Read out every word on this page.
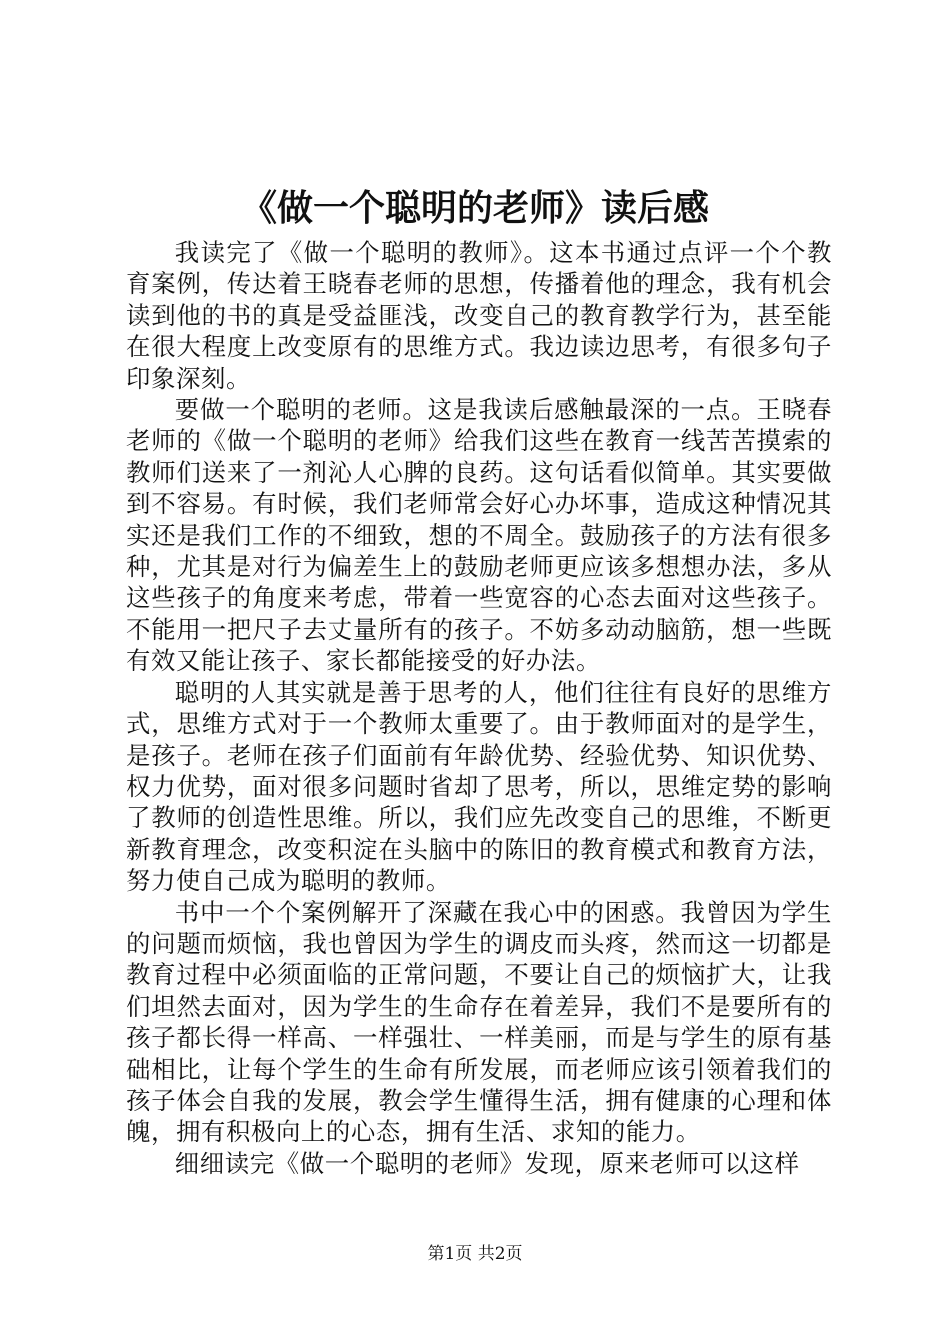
《做一个聪明的老师》读后感

我读完了《做一个聪明的教师》。这本书通过点评一个个教育案例，传达着王晓春老师的思想，传播着他的理念，我有机会读到他的书的真是受益匪浅，改变自己的教育教学行为，甚至能在很大程度上改变原有的思维方式。我边读边思考，有很多句子印象深刻。

要做一个聪明的老师。这是我读后感触最深的一点。王晓春老师的《做一个聪明的老师》给我们这些在教育一线苦苦摸索的教师们送来了一剂沁人心脾的良药。这句话看似简单。其实要做到不容易。有时候，我们老师常会好心办坏事，造成这种情况其实还是我们工作的不细致，想的不周全。鼓励孩子的方法有很多种，尤其是对行为偏差生上的鼓励老师更应该多想想办法，多从这些孩子的角度来考虑，带着一些宽容的心态去面对这些孩子。不能用一把尺子去丈量所有的孩子。不妨多动动脑筋，想一些既有效又能让孩子、家长都能接受的好办法。

聪明的人其实就是善于思考的人，他们往往有良好的思维方式，思维方式对于一个教师太重要了。由于教师面对的是学生，是孩子。老师在孩子们面前有年龄优势、经验优势、知识优势、权力优势，面对很多问题时省却了思考，所以，思维定势的影响了教师的创造性思维。所以，我们应先改变自己的思维，不断更新教育理念，改变积淀在头脑中的陈旧的教育模式和教育方法，努力使自己成为聪明的教师。

书中一个个案例解开了深藏在我心中的困惑。我曾因为学生的问题而烦恼，我也曾因为学生的调皮而头疼，然而这一切都是教育过程中必须面临的正常问题，不要让自己的烦恼扩大，让我们坦然去面对，因为学生的生命存在着差异，我们不是要所有的孩子都长得一样高、一样强壮、一样美丽，而是与学生的原有基础相比，让每个学生的生命有所发展，而老师应该引领着我们的孩子体会自我的发展，教会学生懂得生活，拥有健康的心理和体魄，拥有积极向上的心态，拥有生活、求知的能力。

细细读完《做一个聪明的老师》发现，原来老师可以这样

第1页 共2页
